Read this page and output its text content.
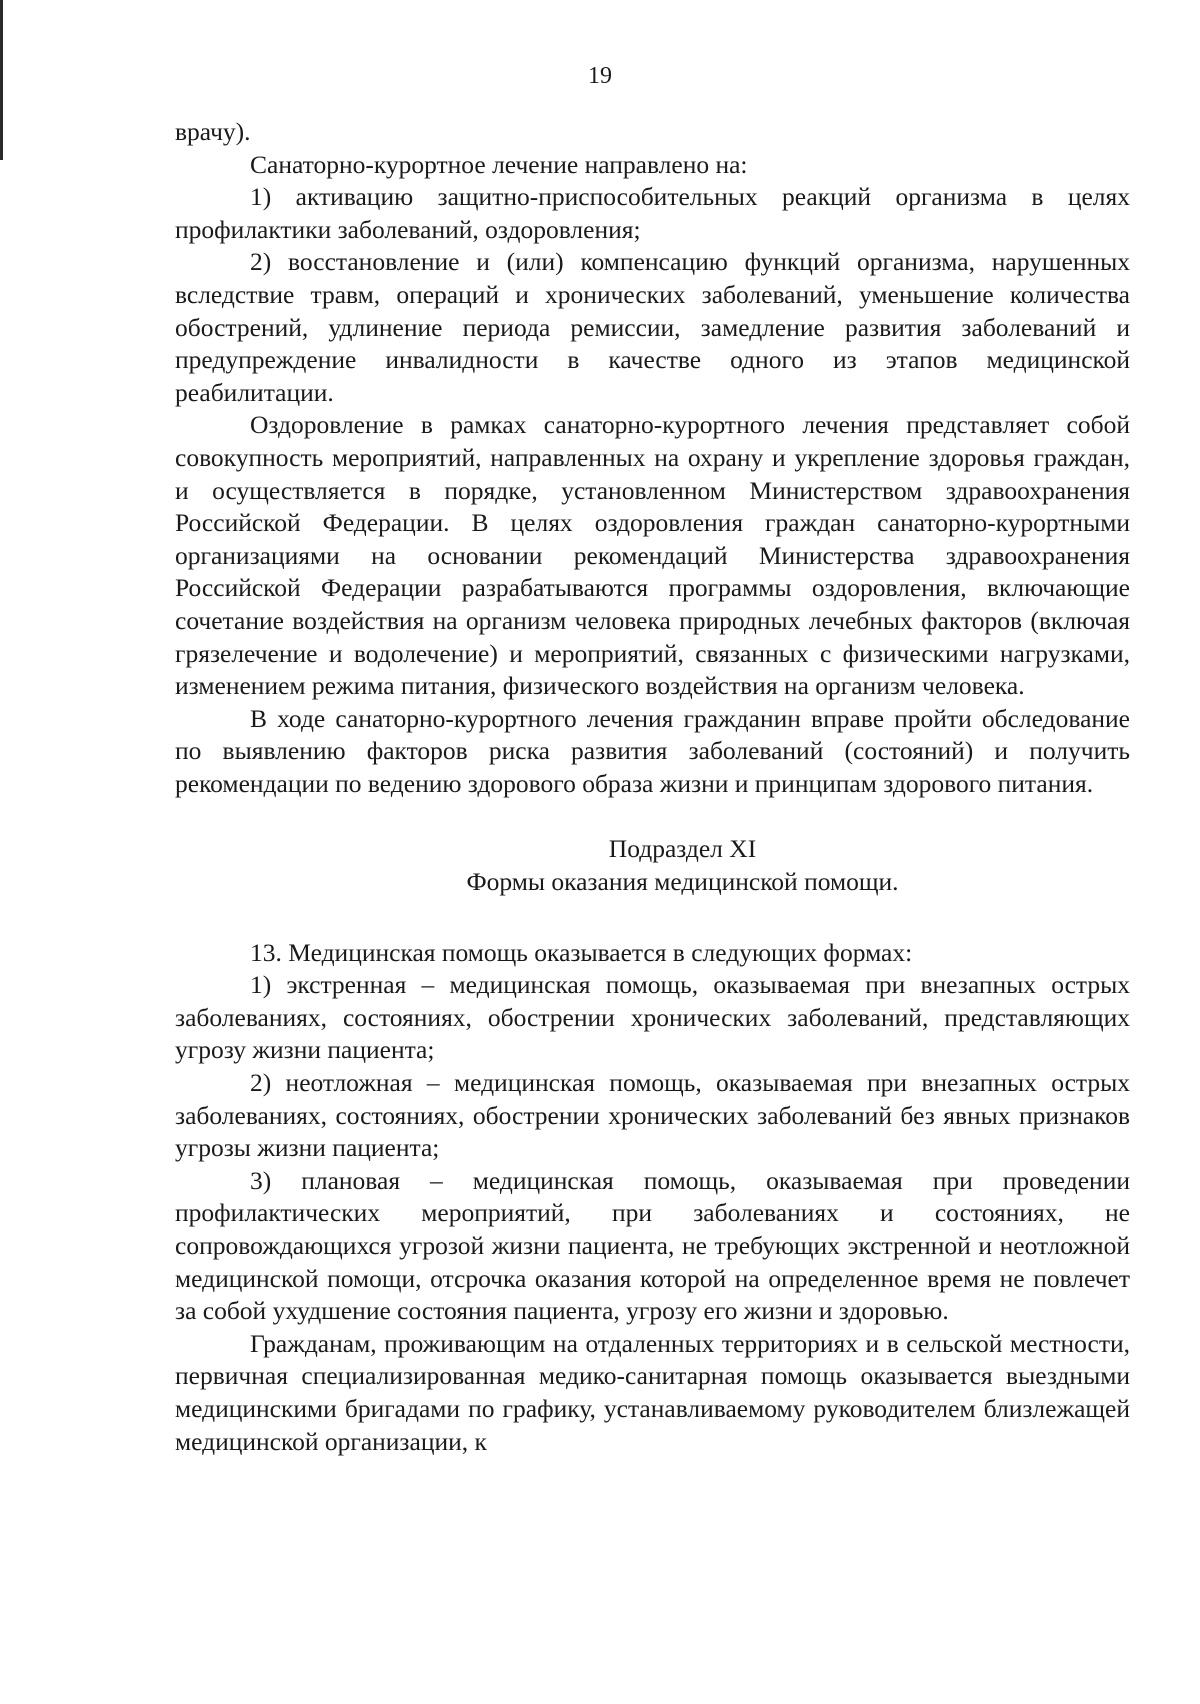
19

врачу).

Санаторно-курортное лечение направлено на:

1) активацию защитно-приспособительных реакций организма в целях профилактики заболеваний, оздоровления;

2) восстановление и (или) компенсацию функций организма, нарушенных вследствие травм, операций и хронических заболеваний, уменьшение количества обострений, удлинение периода ремиссии, замедление развития заболеваний и предупреждение инвалидности в качестве одного из этапов медицинской реабилитации.

Оздоровление в рамках санаторно-курортного лечения представляет собой совокупность мероприятий, направленных на охрану и укрепление здоровья граждан, и осуществляется в порядке, установленном Министерством здравоохранения Российской Федерации. В целях оздоровления граждан санаторно-курортными организациями на основании рекомендаций Министерства здравоохранения Российской Федерации разрабатываются программы оздоровления, включающие сочетание воздействия на организм человека природных лечебных факторов (включая грязелечение и водолечение) и мероприятий, связанных с физическими нагрузками, изменением режима питания, физического воздействия на организм человека.

В ходе санаторно-курортного лечения гражданин вправе пройти обследование по выявлению факторов риска развития заболеваний (состояний) и получить рекомендации по ведению здорового образа жизни и принципам здорового питания.

Подраздел XI

Формы оказания медицинской помощи.

13. Медицинская помощь оказывается в следующих формах:

1) экстренная – медицинская помощь, оказываемая при внезапных острых заболеваниях, состояниях, обострении хронических заболеваний, представляющих угрозу жизни пациента;

2) неотложная – медицинская помощь, оказываемая при внезапных острых заболеваниях, состояниях, обострении хронических заболеваний без явных признаков угрозы жизни пациента;

3) плановая – медицинская помощь, оказываемая при проведении профилактических мероприятий, при заболеваниях и состояниях, не сопровождающихся угрозой жизни пациента, не требующих экстренной и неотложной медицинской помощи, отсрочка оказания которой на определенное время не повлечет за собой ухудшение состояния пациента, угрозу его жизни и здоровью.

Гражданам, проживающим на отдаленных территориях и в сельской местности, первичная специализированная медико-санитарная помощь оказывается выездными медицинскими бригадами по графику, устанавливаемому руководителем близлежащей медицинской организации, к
